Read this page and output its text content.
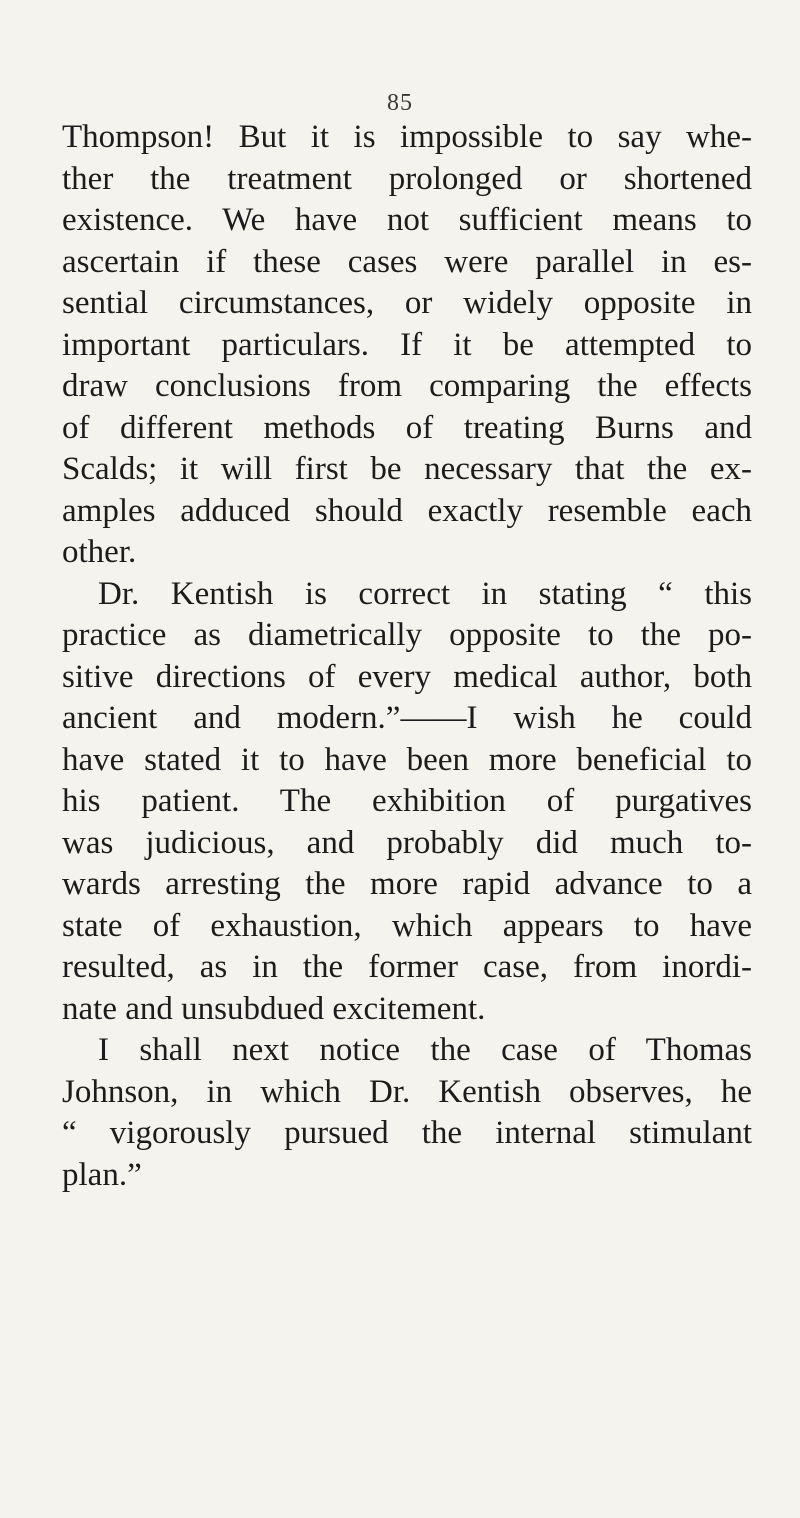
85
Thompson! But it is impossible to say whe-
ther the treatment prolonged or shortened
existence. We have not sufficient means to
ascertain if these cases were parallel in es-
sential circumstances, or widely opposite in
important particulars. If it be attempted to
draw conclusions from comparing the effects
of different methods of treating Burns and
Scalds; it will first be necessary that the ex-
amples adduced should exactly resemble each
other.
Dr. Kentish is correct in stating “ this
practice as diametrically opposite to the po-
sitive directions of every medical author, both
ancient and modern.”——I wish he could
have stated it to have been more beneficial to
his patient. The exhibition of purgatives
was judicious, and probably did much to-
wards arresting the more rapid advance to a
state of exhaustion, which appears to have
resulted, as in the former case, from inordi-
nate and unsubdued excitement.
I shall next notice the case of Thomas
Johnson, in which Dr. Kentish observes, he
“ vigorously pursued the internal stimulant
plan.”
